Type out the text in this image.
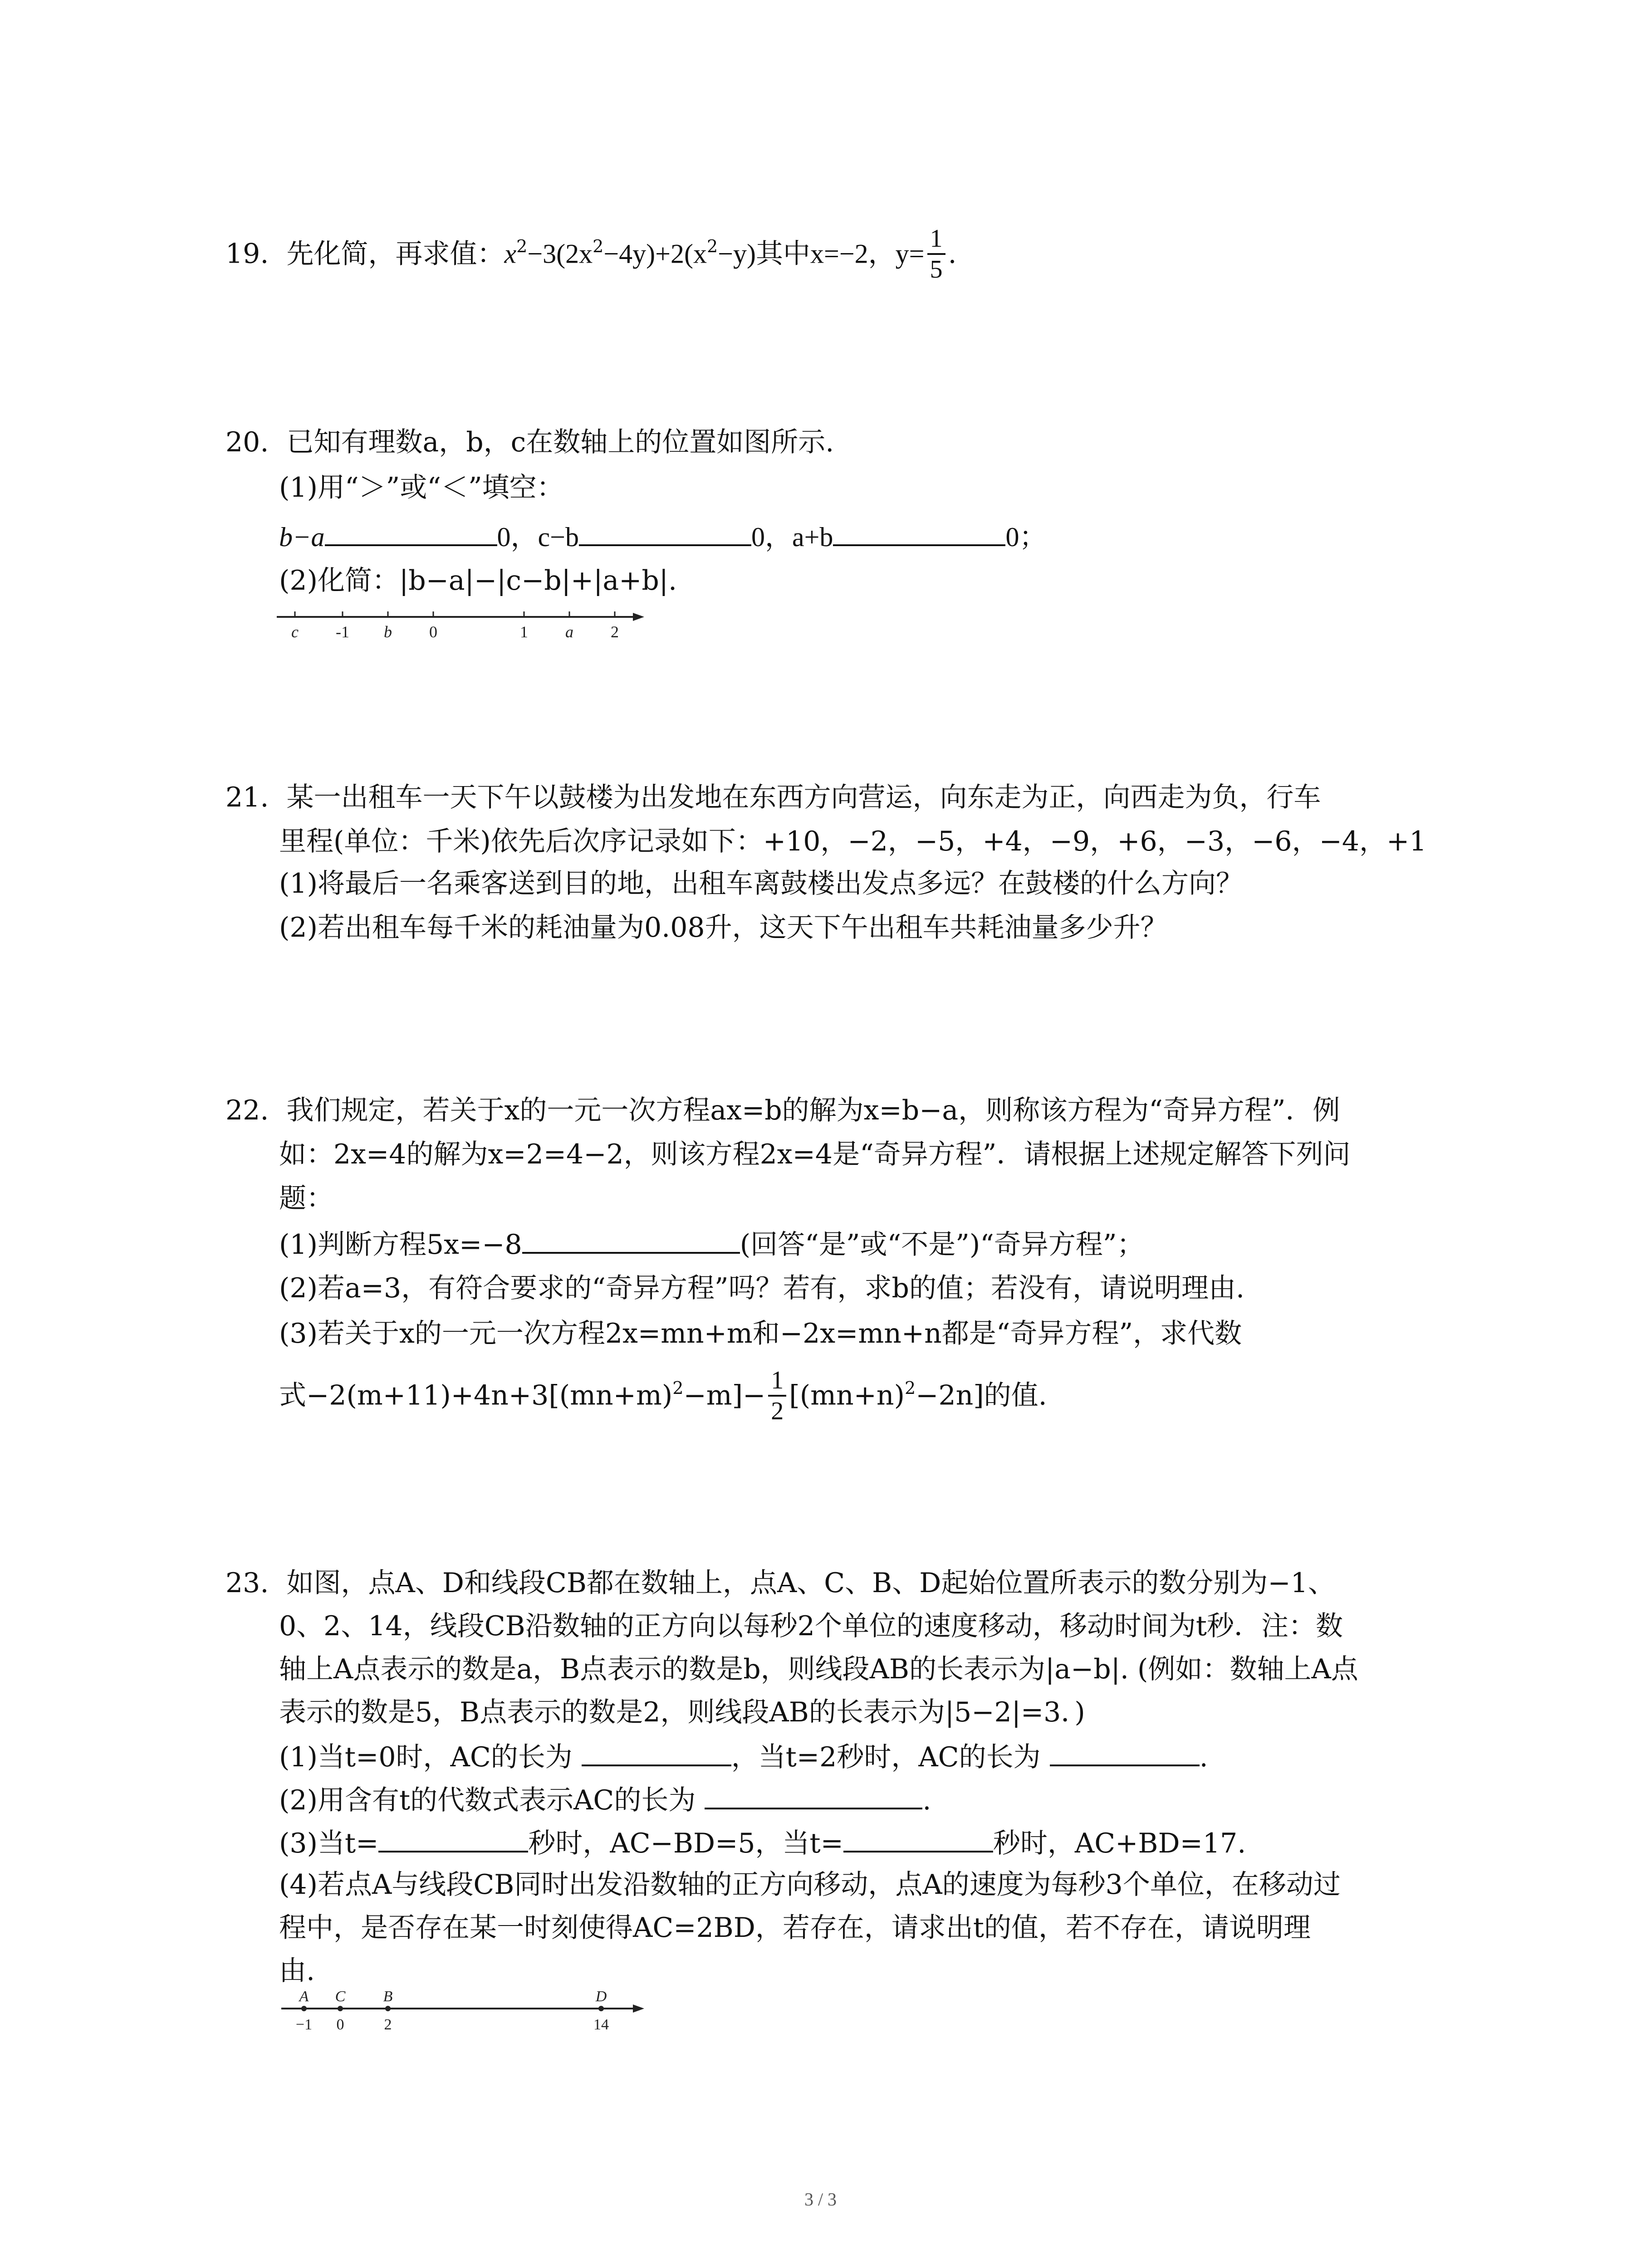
19. 先化简，再求值：$x^2-3(2x^2-4y)+2(x^2-y)$其中x=−2，$y= \frac{1}{5}$ .
20. 已知有理数a，b，c在数轴上的位置如图所示.
(1)用“＞”或“＜”填空：
b−a	0，c−b	0，a+b	0；
(2)化简：|b−a|−|c−b|+|a+b|.
c -1 b 0	1 a 2
21. 某一出租车一天下午以鼓楼为出发地在东西方向营运，向东走为正，向西走为负，行车
里程(单位：千米)依先后次序记录如下：+10，−2，−5，+4，−9，+6，−3，−6，−4，+1
(1)将最后一名乘客送到目的地，出租车离鼓楼出发点多远？在鼓楼的什么方向？
(2)若出租车每千米的耗油量为0.08升，这天下午出租车共耗油量多少升？
22. 我们规定，若关于x的一元一次方程ax=b的解为x=b−a，则称该方程为“奇异方程”．例
如：2x=4的解为x=2=4−2，则该方程2x=4是“奇异方程”．请根据上述规定解答下列问
题：
(1)判断方程5x=−8	(回答“是”或“不是”)“奇异方程”；
(2)若a=3，有符合要求的“奇异方程”吗？若有，求b的值；若没有，请说明理由.
(3)若关于x的一元一次方程2x=mn+m和−2x=mn+n都是“奇异方程”，求代数
式$-2(m+11)+4n+3[(mn+m)^2-m]- \frac{1}{2} [(mn+n)^2-2n]$的值.
23. 如图，点A、D和线段CB都在数轴上，点A、C、B、D起始位置所表示的数分别为−1、
0、2、14，线段CB沿数轴的正方向以每秒2个单位的速度移动，移动时间为t秒．注：数
轴上A点表示的数是a，B点表示的数是b，则线段AB的长表示为|a−b|. (例如：数轴上A点
表示的数是5，B点表示的数是2，则线段AB的长表示为|5−2|=3．)
(1)当t=0时，AC的长为	，当t=2秒时，AC的长为	.
(2)用含有t的代数式表示AC的长为	.
(3)当t=	秒时，AC−BD=5，当t=	秒时，AC+BD=17.
(4)若点A与线段CB同时出发沿数轴的正方向移动，点A的速度为每秒3个单位，在移动过
程中，是否存在某一时刻使得AC=2BD，若存在，请求出t的值，若不存在，请说明理
由.
A C B	D
−1 0	2	14
3 / 3
